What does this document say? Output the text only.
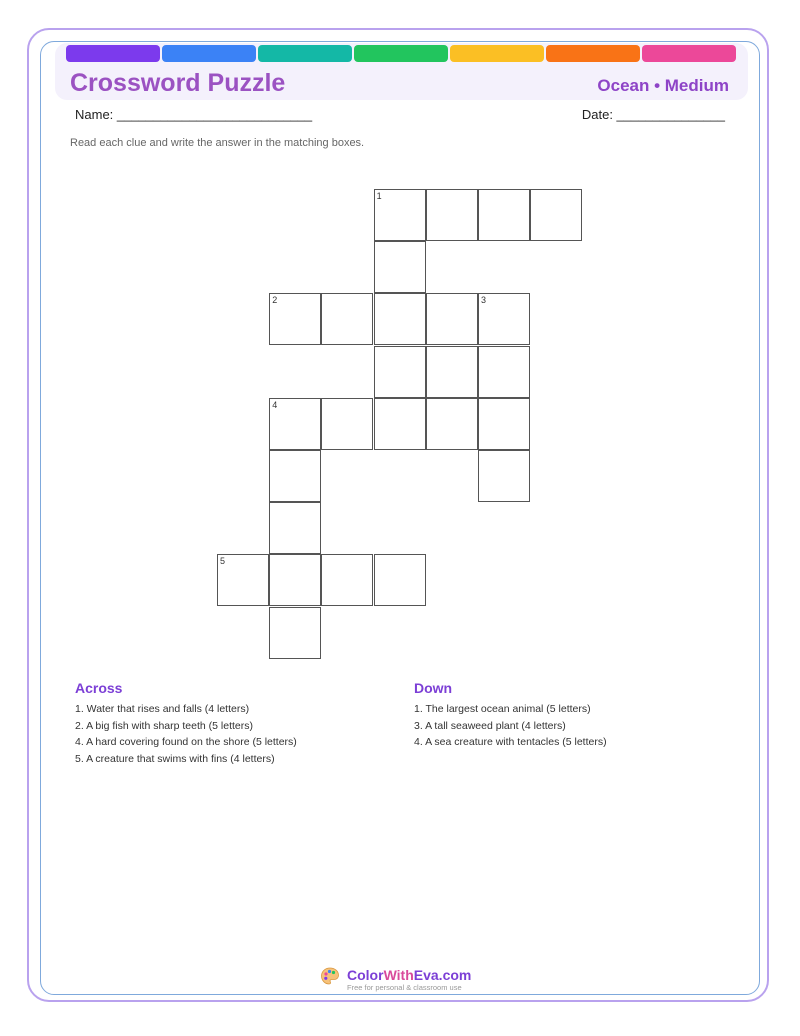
Crossword Puzzle	Ocean • Medium
Name: ___________________________	Date: _______________
Read each clue and write the answer in the matching boxes.
1
2	3
4
5
Across
1. Water that rises and falls (4 letters)
2. A big fish with sharp teeth (5 letters)
4. A hard covering found on the shore (5 letters)
5. A creature that swims with fins (4 letters)
Down
1. The largest ocean animal (5 letters)
3. A tall seaweed plant (4 letters)
4. A sea creature with tentacles (5 letters)
ColorWithEva.com
Free for personal & classroom use
